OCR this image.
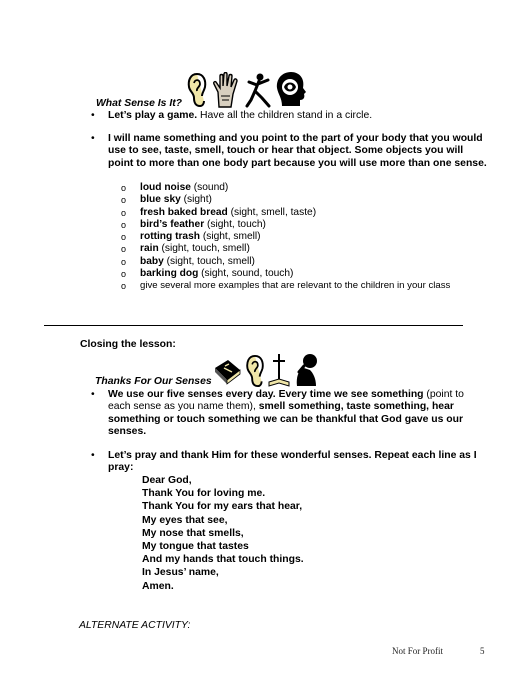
What Sense Is It?
• Let’s play a game. Have all the children stand in a circle.
• I will name something and you point to the part of your body that you would use to see, taste, smell, touch or hear that object. Some objects you will point to more than one body part because you will use more than one sense.
o loud noise (sound)
o blue sky (sight)
o fresh baked bread (sight, smell, taste)
o bird’s feather (sight, touch)
o rotting trash (sight, smell)
o rain (sight, touch, smell)
o baby (sight, touch, smell)
o barking dog (sight, sound, touch)
o give several more examples that are relevant to the children in your class
Closing the lesson:
Thanks For Our Senses
• We use our five senses every day. Every time we see something (point to each sense as you name them), smell something, taste something, hear something or touch something we can be thankful that God gave us our senses.
• Let’s pray and thank Him for these wonderful senses. Repeat each line as I pray:
Dear God,
Thank You for loving me.
Thank You for my ears that hear,
My eyes that see,
My nose that smells,
My tongue that tastes
And my hands that touch things.
In Jesus’ name,
Amen.
ALTERNATE ACTIVITY:
Not For Profit	5
